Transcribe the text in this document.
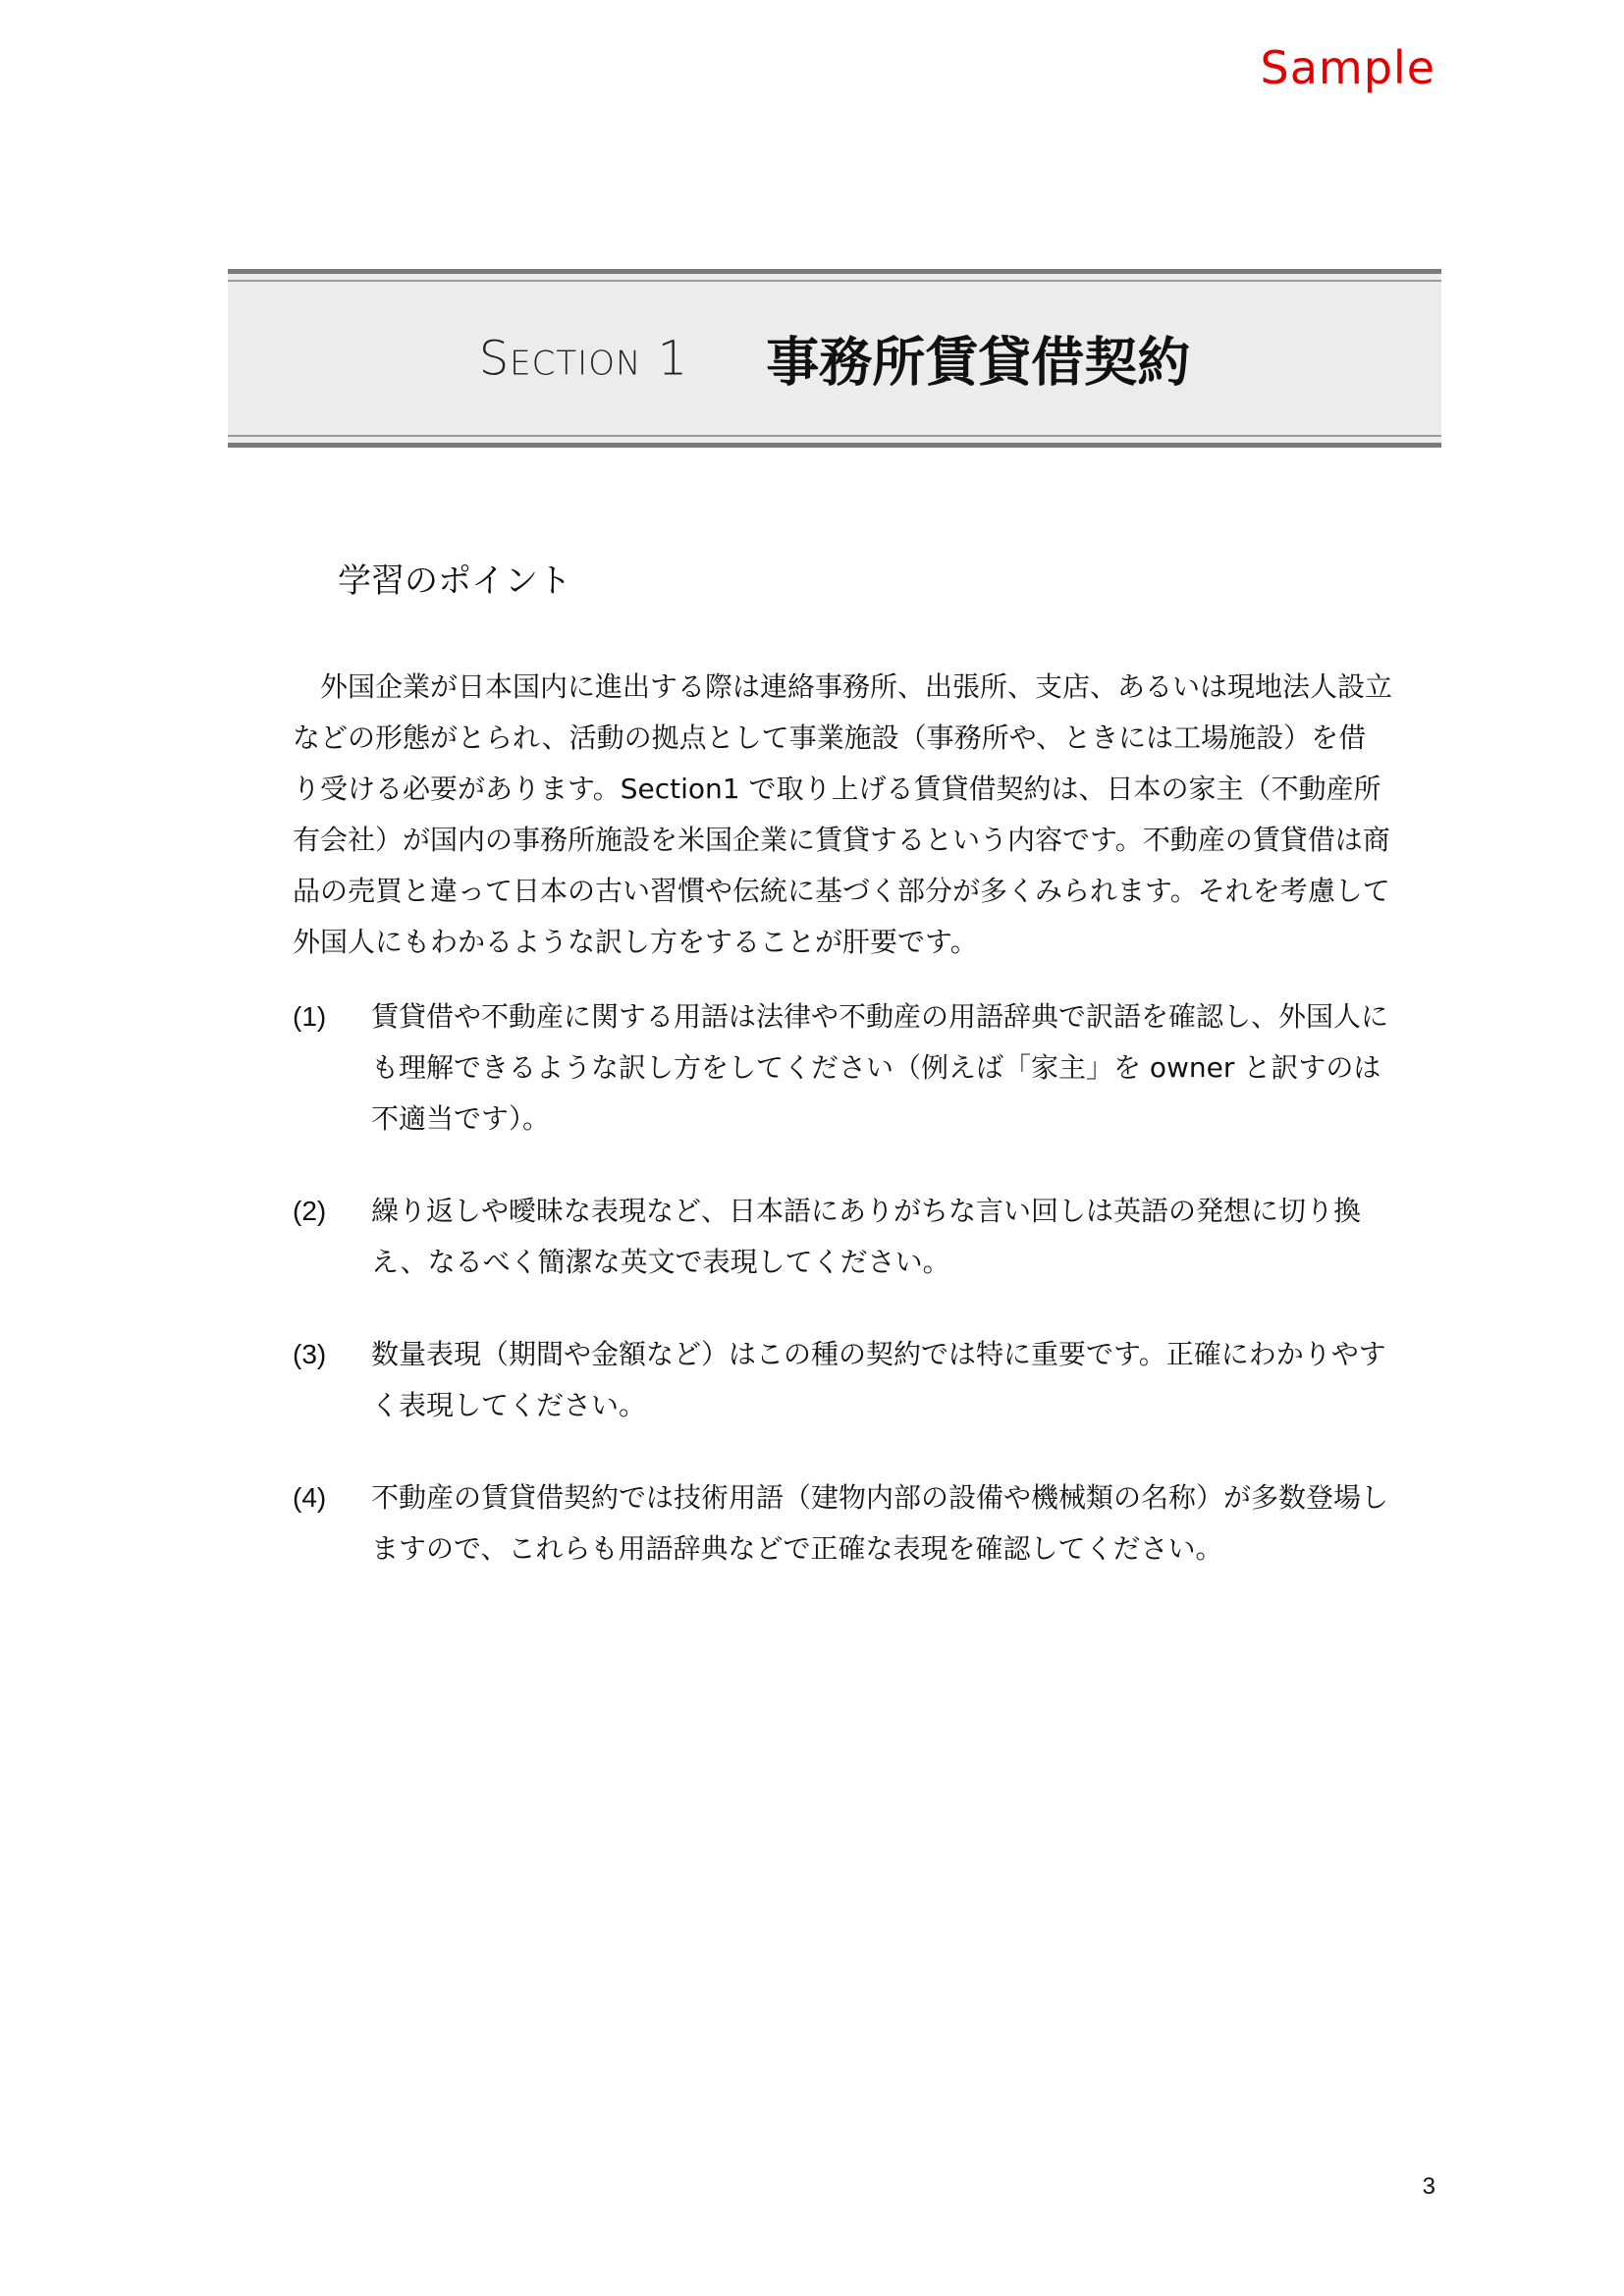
Sample
Section 1 事務所賃貸借契約
学習のポイント

外国企業が日本国内に進出する際は連絡事務所、出張所、支店、あるいは現地法人設立などの形態がとられ、活動の拠点として事業施設（事務所や、ときには工場施設）を借り受ける必要があります。Section1 で取り上げる賃貸借契約は、日本の家主（不動産所有会社）が国内の事務所施設を米国企業に賃貸するという内容です。不動産の賃貸借は商品の売買と違って日本の古い習慣や伝統に基づく部分が多くみられます。それを考慮して外国人にもわかるような訳し方をすることが肝要です。

(1) 賃貸借や不動産に関する用語は法律や不動産の用語辞典で訳語を確認し、外国人にも理解できるような訳し方をしてください（例えば「家主」を owner と訳すのは不適当です）。
(2) 繰り返しや曖昧な表現など、日本語にありがちな言い回しは英語の発想に切り換え、なるべく簡潔な英文で表現してください。
(3) 数量表現（期間や金額など）はこの種の契約では特に重要です。正確にわかりやすく表現してください。
(4) 不動産の賃貸借契約では技術用語（建物内部の設備や機械類の名称）が多数登場しますので、これらも用語辞典などで正確な表現を確認してください。
3
